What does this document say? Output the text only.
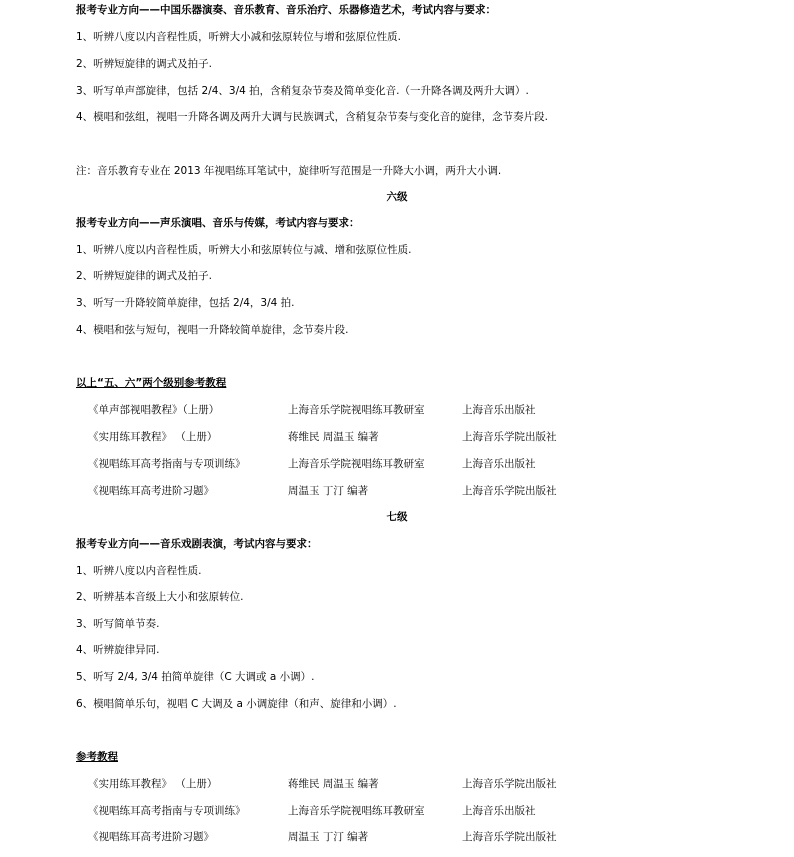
报考专业方向——中国乐器演奏、音乐教育、音乐治疗、乐器修造艺术，考试内容与要求：
1、听辨八度以内音程性质，听辨大小减和弦原转位与增和弦原位性质.
2、听辨短旋律的调式及拍子.
3、听写单声部旋律，包括 2/4、3/4 拍，含稍复杂节奏及简单变化音.（一升降各调及两升大调）.
4、模唱和弦组，视唱一升降各调及两升大调与民族调式，含稍复杂节奏与变化音的旋律，念节奏片段.
注：音乐教育专业在 2013 年视唱练耳笔试中，旋律听写范围是一升降大小调，两升大小调.
六级
报考专业方向——声乐演唱、音乐与传媒，考试内容与要求：
1、听辨八度以内音程性质，听辨大小和弦原转位与减、增和弦原位性质.
2、听辨短旋律的调式及拍子.
3、听写一升降较简单旋律，包括 2/4，3/4 拍.
4、模唱和弦与短句，视唱一升降较简单旋律，念节奏片段.
以上“五、六”两个级别参考教程
《单声部视唱教程》（上册）	上海音乐学院视唱练耳教研室	上海音乐出版社
《实用练耳教程》 （上册）	蒋维民 周温玉 编著	上海音乐学院出版社
《视唱练耳高考指南与专项训练》	上海音乐学院视唱练耳教研室	上海音乐出版社
《视唱练耳高考进阶习题》	周温玉 丁汀 编著	上海音乐学院出版社
七级
报考专业方向——音乐戏剧表演，考试内容与要求：
1、听辨八度以内音程性质.
2、听辨基本音级上大小和弦原转位.
3、听写简单节奏.
4、听辨旋律异同.
5、听写 2/4, 3/4 拍简单旋律（C 大调或 a 小调）.
6、模唱简单乐句，视唱 C 大调及 a 小调旋律（和声、旋律和小调）.
参考教程
《实用练耳教程》 （上册）	蒋维民 周温玉 编著	上海音乐学院出版社
《视唱练耳高考指南与专项训练》	上海音乐学院视唱练耳教研室	上海音乐出版社
《视唱练耳高考进阶习题》	周温玉 丁汀 编著	上海音乐学院出版社
